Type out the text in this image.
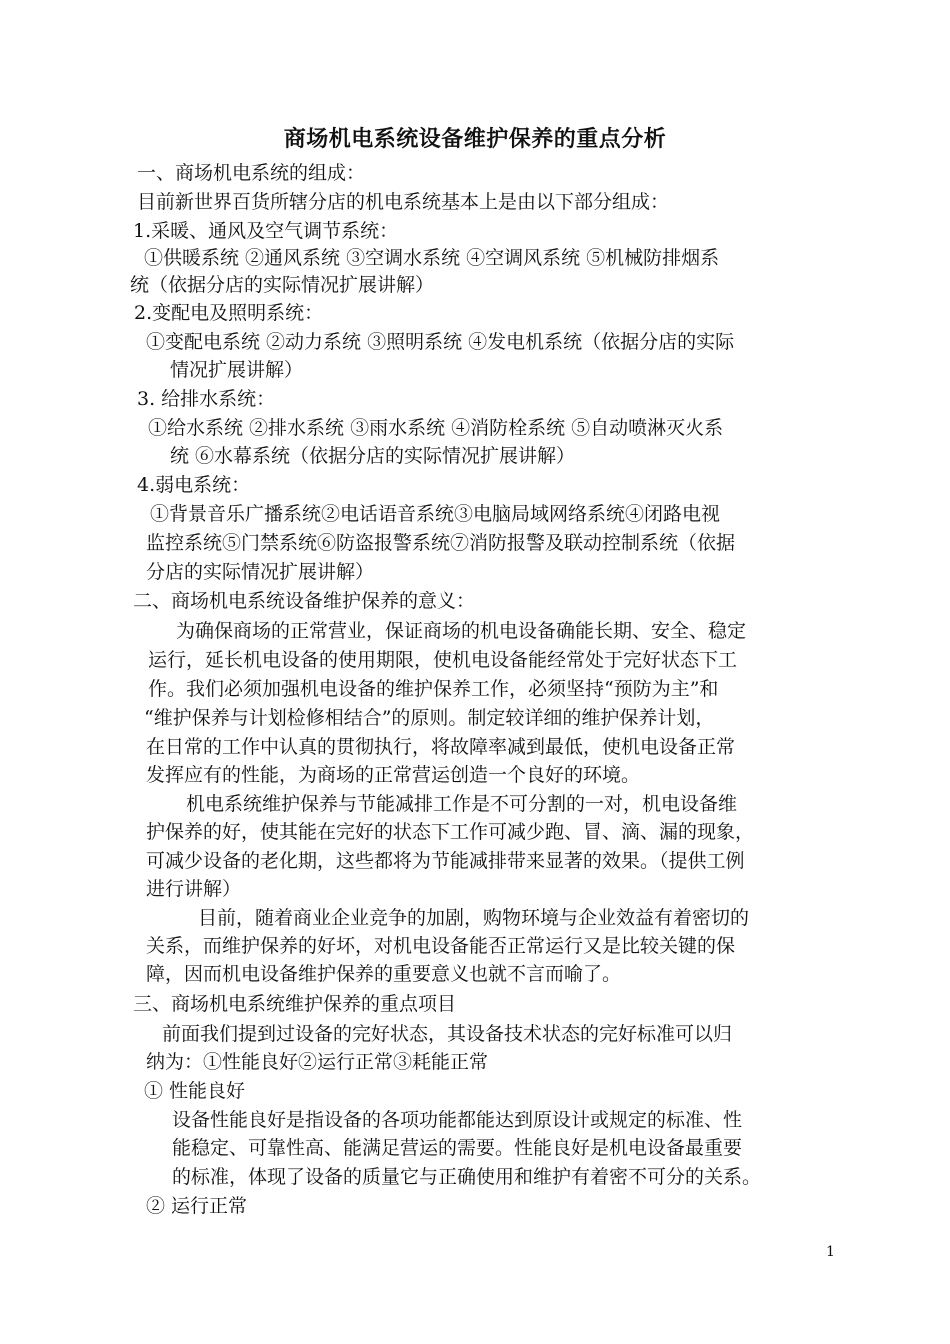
商场机电系统设备维护保养的重点分析
一、商场机电系统的组成：
目前新世界百货所辖分店的机电系统基本上是由以下部分组成：
1.采暖、通风及空气调节系统：
①供暖系统 ②通风系统 ③空调水系统 ④空调风系统 ⑤机械防排烟系
统（依据分店的实际情况扩展讲解）
2.变配电及照明系统：
①变配电系统 ②动力系统 ③照明系统 ④发电机系统（依据分店的实际
情况扩展讲解）
3. 给排水系统：
①给水系统 ②排水系统 ③雨水系统 ④消防栓系统 ⑤自动喷淋灭火系
统 ⑥水幕系统（依据分店的实际情况扩展讲解）
4.弱电系统：
①背景音乐广播系统②电话语音系统③电脑局域网络系统④闭路电视
监控系统⑤门禁系统⑥防盗报警系统⑦消防报警及联动控制系统（依据
分店的实际情况扩展讲解）
二、商场机电系统设备维护保养的意义：
为确保商场的正常营业，保证商场的机电设备确能长期、安全、稳定
运行，延长机电设备的使用期限，使机电设备能经常处于完好状态下工
作。我们必须加强机电设备的维护保养工作，必须坚持“预防为主”和
“维护保养与计划检修相结合”的原则。制定较详细的维护保养计划，
在日常的工作中认真的贯彻执行，将故障率减到最低，使机电设备正常
发挥应有的性能，为商场的正常营运创造一个良好的环境。
机电系统维护保养与节能减排工作是不可分割的一对，机电设备维
护保养的好，使其能在完好的状态下工作可减少跑、冒、滴、漏的现象，
可减少设备的老化期，这些都将为节能减排带来显著的效果。（提供工例
进行讲解）
目前，随着商业企业竞争的加剧，购物环境与企业效益有着密切的
关系，而维护保养的好坏，对机电设备能否正常运行又是比较关键的保
障，因而机电设备维护保养的重要意义也就不言而喻了。
三、商场机电系统维护保养的重点项目
前面我们提到过设备的完好状态，其设备技术状态的完好标准可以归
纳为：①性能良好②运行正常③耗能正常
① 性能良好
设备性能良好是指设备的各项功能都能达到原设计或规定的标准、性
能稳定、可靠性高、能满足营运的需要。性能良好是机电设备最重要
的标准，体现了设备的质量它与正确使用和维护有着密不可分的关系。
② 运行正常
1
